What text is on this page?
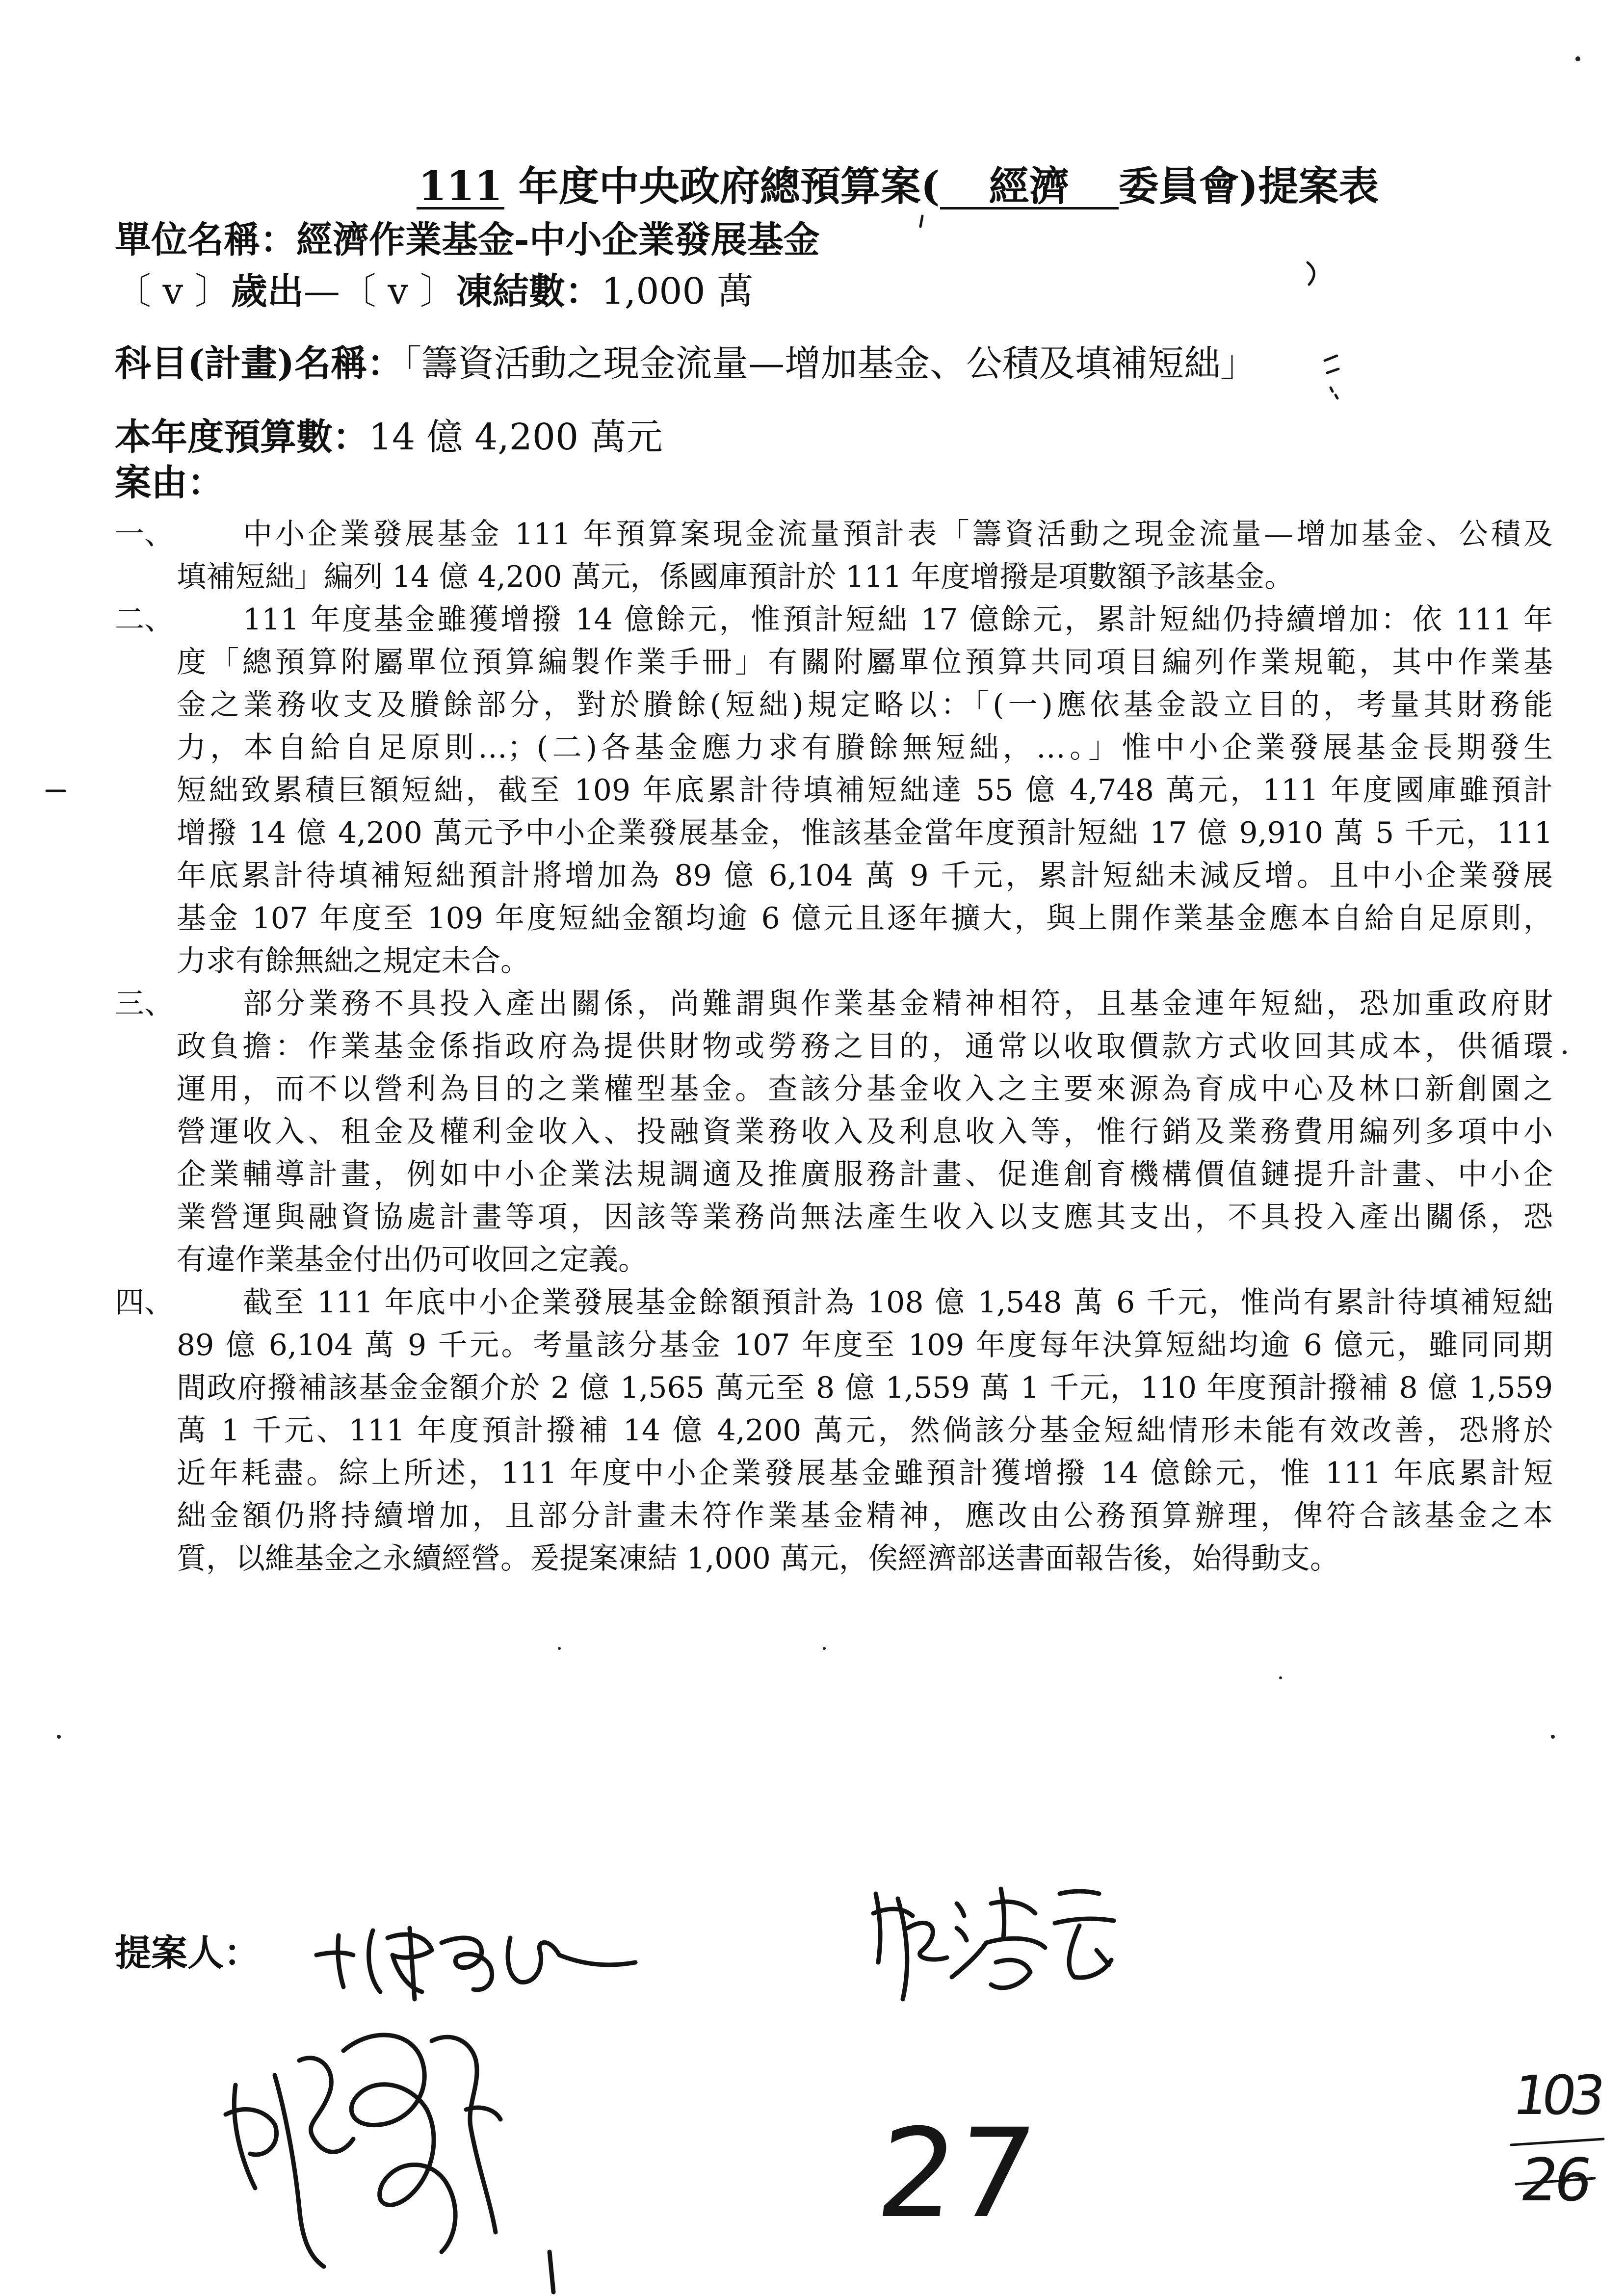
111 年度中央政府總預算案( 經濟 委員會)提案表
單位名稱：經濟作業基金-中小企業發展基金
〔 v 〕歲出—〔 v 〕凍結數：1,000 萬
科目(計畫)名稱：「籌資活動之現金流量—增加基金、公積及填補短絀」
本年度預算數：14 億 4,200 萬元
案由：
一、	中小企業發展基金 111 年預算案現金流量預計表「籌資活動之現金流量—增加基金、公積及
填補短絀」編列 14 億 4,200 萬元，係國庫預計於 111 年度增撥是項數額予該基金。
二、	111 年度基金雖獲增撥 14 億餘元，惟預計短絀 17 億餘元，累計短絀仍持續增加：依 111 年
度「總預算附屬單位預算編製作業手冊」有關附屬單位預算共同項目編列作業規範，其中作業基
金之業務收支及賸餘部分，對於賸餘(短絀)規定略以：「(一)應依基金設立目的，考量其財務能
力，本自給自足原則…；(二)各基金應力求有賸餘無短絀，…。」惟中小企業發展基金長期發生
短絀致累積巨額短絀，截至 109 年底累計待填補短絀達 55 億 4,748 萬元，111 年度國庫雖預計
增撥 14 億 4,200 萬元予中小企業發展基金，惟該基金當年度預計短絀 17 億 9,910 萬 5 千元，111
年底累計待填補短絀預計將增加為 89 億 6,104 萬 9 千元，累計短絀未減反增。且中小企業發展
基金 107 年度至 109 年度短絀金額均逾 6 億元且逐年擴大，與上開作業基金應本自給自足原則，
力求有餘無絀之規定未合。
三、	部分業務不具投入產出關係，尚難謂與作業基金精神相符，且基金連年短絀，恐加重政府財
政負擔：作業基金係指政府為提供財物或勞務之目的，通常以收取價款方式收回其成本，供循環
運用，而不以營利為目的之業權型基金。查該分基金收入之主要來源為育成中心及林口新創園之
營運收入、租金及權利金收入、投融資業務收入及利息收入等，惟行銷及業務費用編列多項中小
企業輔導計畫，例如中小企業法規調適及推廣服務計畫、促進創育機構價值鏈提升計畫、中小企
業營運與融資協處計畫等項，因該等業務尚無法產生收入以支應其支出，不具投入產出關係，恐
有違作業基金付出仍可收回之定義。
四、	截至 111 年底中小企業發展基金餘額預計為 108 億 1,548 萬 6 千元，惟尚有累計待填補短絀
89 億 6,104 萬 9 千元。考量該分基金 107 年度至 109 年度每年決算短絀均逾 6 億元，雖同同期
間政府撥補該基金金額介於 2 億 1,565 萬元至 8 億 1,559 萬 1 千元，110 年度預計撥補 8 億 1,559
萬 1 千元、111 年度預計撥補 14 億 4,200 萬元，然倘該分基金短絀情形未能有效改善，恐將於
近年耗盡。綜上所述，111 年度中小企業發展基金雖預計獲增撥 14 億餘元，惟 111 年底累計短
絀金額仍將持續增加，且部分計畫未符作業基金精神，應改由公務預算辦理，俾符合該基金之本
質，以維基金之永續經營。爰提案凍結 1,000 萬元，俟經濟部送書面報告後，始得動支。
提案人：
27
103
26
